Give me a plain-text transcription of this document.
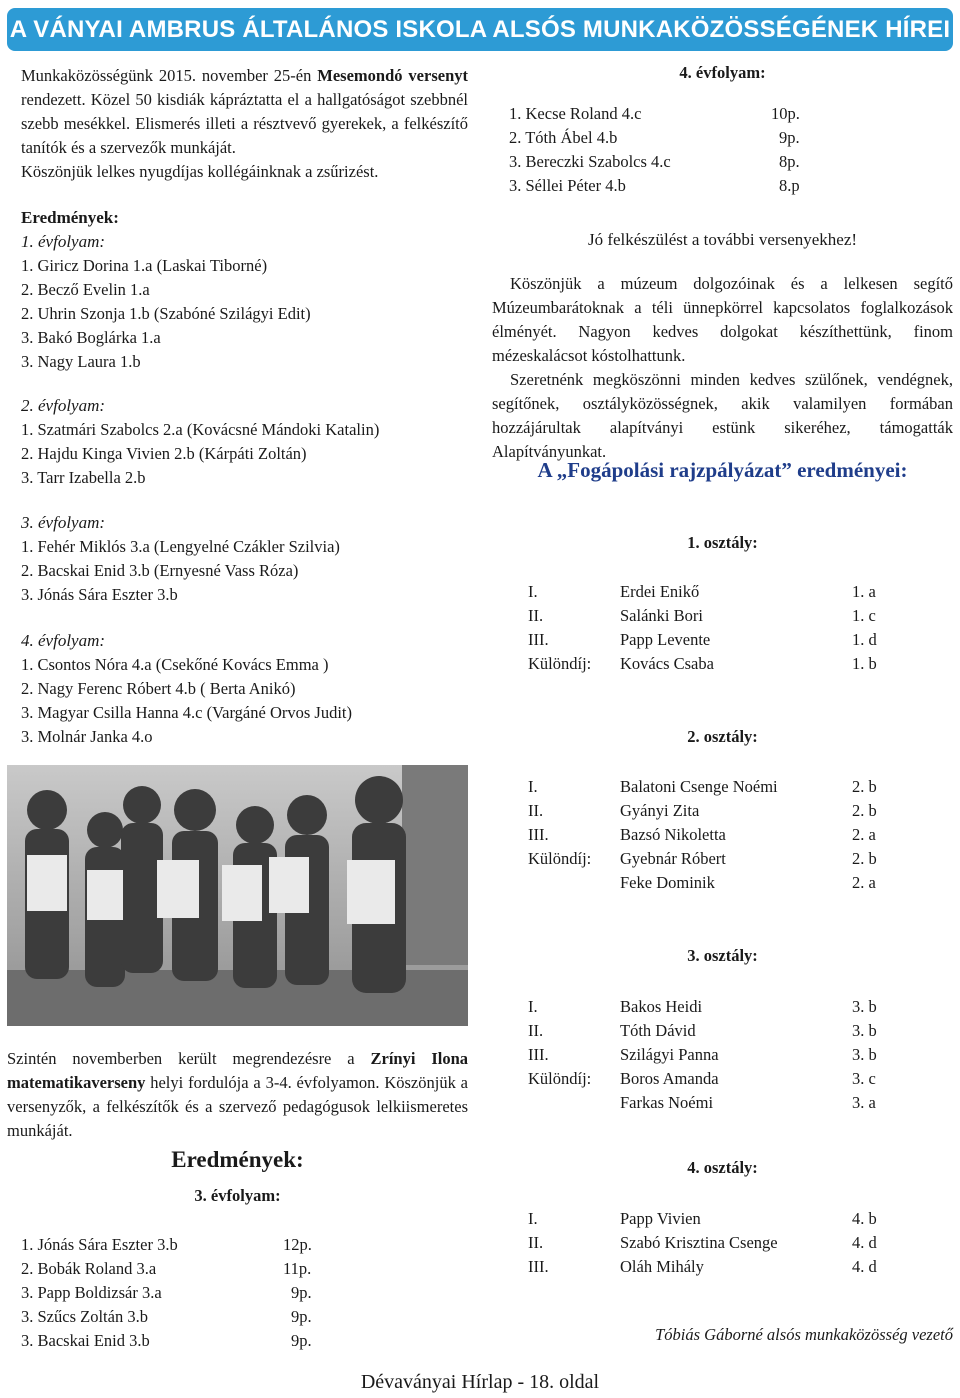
A VÁNYAI AMBRUS ÁLTALÁNOS ISKOLA ALSÓS MUNKAKÖZÖSSÉGÉNEK HÍREI

Munkaközösségünk 2015. november 25-én Mesemondó versenyt rendezett. Közel 50 kisdiák kápráztatta el a hallgatóságot szebbnél szebb mesékkel. Elismerés illeti a résztvevő gyerekek, a felkészítő tanítók és a szervezők munkáját.

Köszönjük lelkes nyugdíjas kollégáinknak a zsűrizést.

Eredmények:
1. évfolyam:
1. Giricz Dorina 1.a (Laskai Tiborné)
2. Becző Evelin 1.a
2. Uhrin Szonja 1.b (Szabóné Szilágyi Edit)
3. Bakó Boglárka 1.a
3. Nagy Laura 1.b
2. évfolyam:
1. Szatmári Szabolcs 2.a (Kovácsné Mándoki Katalin)
2. Hajdu Kinga Vivien 2.b (Kárpáti Zoltán)
3. Tarr Izabella 2.b
3. évfolyam:
1. Fehér Miklós 3.a (Lengyelné Czákler Szilvia)
2. Bacskai Enid 3.b (Ernyesné Vass Róza)
3. Jónás Sára Eszter 3.b
4. évfolyam:
1. Csontos Nóra 4.a (Csekőné Kovács Emma )
2. Nagy Ferenc Róbert 4.b ( Berta Anikó)
3. Magyar Csilla Hanna 4.c (Vargáné Orvos Judit)
3. Molnár Janka 4.o

Szintén novemberben került megrendezésre a Zrínyi Ilona matematikaverseny helyi fordulója a 3-4. évfolyamon. Köszönjük a versenyzők, a felkészítők és a szervező pedagógusok lelkiismeretes munkáját.

Eredmények:
3. évfolyam:
1. Jónás Sára Eszter 3.b	12p.
2. Bobák Roland 3.a	11p.
3. Papp Boldizsár 3.a	9p.
3. Szűcs Zoltán 3.b	9p.
3. Bacskai Enid 3.b	9p.
4. évfolyam:
1. Kecse Roland 4.c	10p.
2. Tóth Ábel 4.b	9p.
3. Bereczki Szabolcs 4.c	8p.
3. Séllei Péter 4.b	8.p
Jó felkészülést a további versenyekhez!

Köszönjük a múzeum dolgozóinak és a lelkesen segítő Múzeumbarátoknak a téli ünnepkörrel kapcsolatos foglalkozások élményét. Nagyon kedves dolgokat készíthettünk, finom mézeskalácsot kóstolhattunk.

Szeretnénk megköszönni minden kedves szülőnek, vendégnek, segítőnek, osztályközösségnek, akik valamilyen formában hozzájárultak alapítványi estünk sikeréhez, támogatták Alapítványunkat.

A „Fogápolási rajzpályázat” eredményei:
1. osztály:
I.	Erdei Enikő	1. a
II.	Salánki Bori	1. c
III.	Papp Levente	1. d
Különdíj: Kovács Csaba	1. b
2. osztály:
I.	Balatoni Csenge Noémi	2. b
II.	Gyányi Zita	2. b
III.	Bazsó Nikoletta	2. a
Különdíj: Gyebnár Róbert	2. b
Feke Dominik	2. a
3. osztály:
I.	Bakos Heidi	3. b
II.	Tóth Dávid	3. b
III.	Szilágyi Panna	3. b
Különdíj: Boros Amanda	3. c
Farkas Noémi	3. a
4. osztály:
I.	Papp Vivien	4. b
II.	Szabó Krisztina Csenge	4. d
III.	Oláh Mihály	4. d
Tóbiás Gáborné alsós munkaközösség vezető
Dévaványai Hírlap - 18. oldal
